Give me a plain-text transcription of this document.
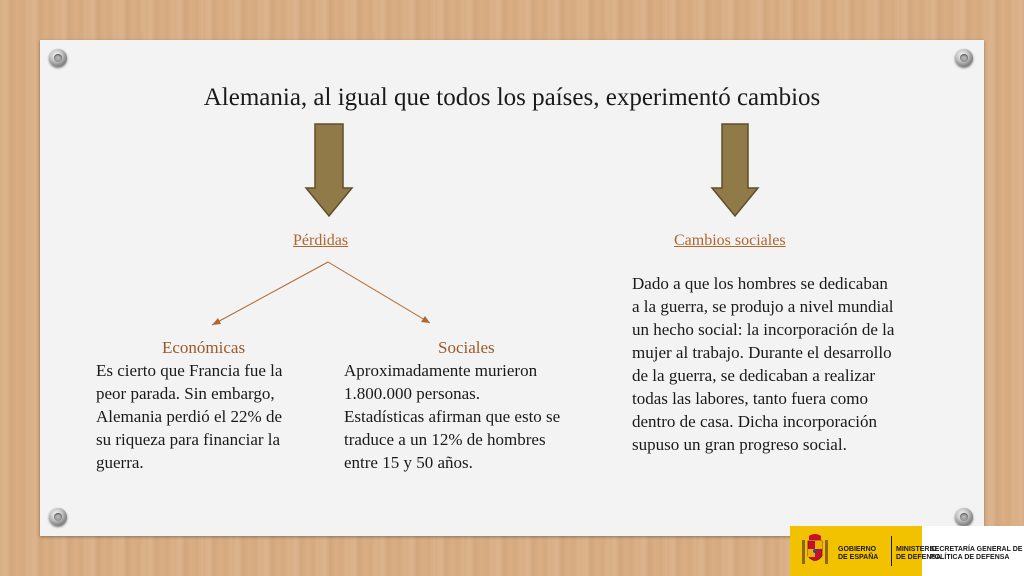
Alemania, al igual que todos los países, experimentó cambios
Pérdidas	Cambios sociales
Económicas
Es cierto que Francia fue la
peor parada. Sin embargo,
Alemania perdió el 22% de
su riqueza para financiar la
guerra.
Sociales
Aproximadamente murieron
1.800.000 personas.
Estadísticas afirman que esto se
traduce a un 12% de hombres
entre 15 y 50 años.
Dado a que los hombres se dedicaban
a la guerra, se produjo a nivel mundial
un hecho social: la incorporación de la
mujer al trabajo. Durante el desarrollo
de la guerra, se dedicaban a realizar
todas las labores, tanto fuera como
dentro de casa. Dicha incorporación
supuso un gran progreso social.
GOBIERNO
DE ESPAÑA
MINISTERIO
DE DEFENSA
SECRETARÍA GENERAL DE
POLÍTICA DE DEFENSA
